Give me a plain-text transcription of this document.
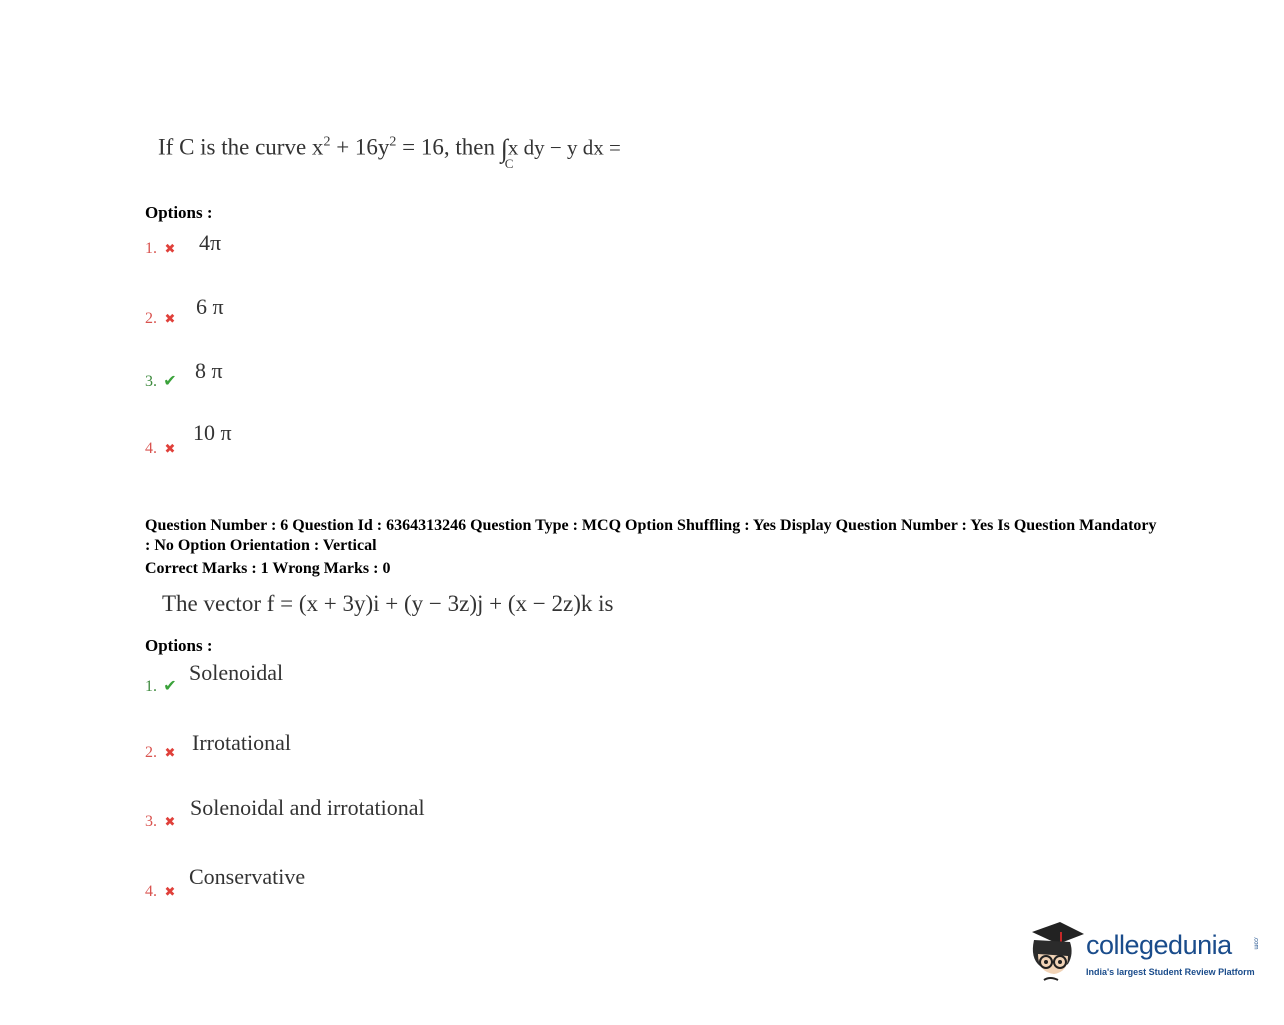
If C is the curve $x^2 + 16y^2 = 16$, then ∫
C
x dy − y dx =
Options :
1. ✖ 4π
2. ✖ 6 π
3. ✔ 8 π
4. ✖
10 π
Question Number : 6 Question Id : 6364313246 Question Type : MCQ Option Shuffling : Yes Display Question Number : Yes Is Question Mandatory : No Option Orientation : Vertical
Correct Marks : 1 Wrong Marks : 0
The vector f = (x + 3y)i + (y − 3z)j + (x − 2z)k is
Options :
1. ✔
Solenoidal
2. ✖ Irrotational
3. ✖
Solenoidal and irrotational
4. ✖
Conservative
collegedunia	.com
India's largest Student Review Platform
